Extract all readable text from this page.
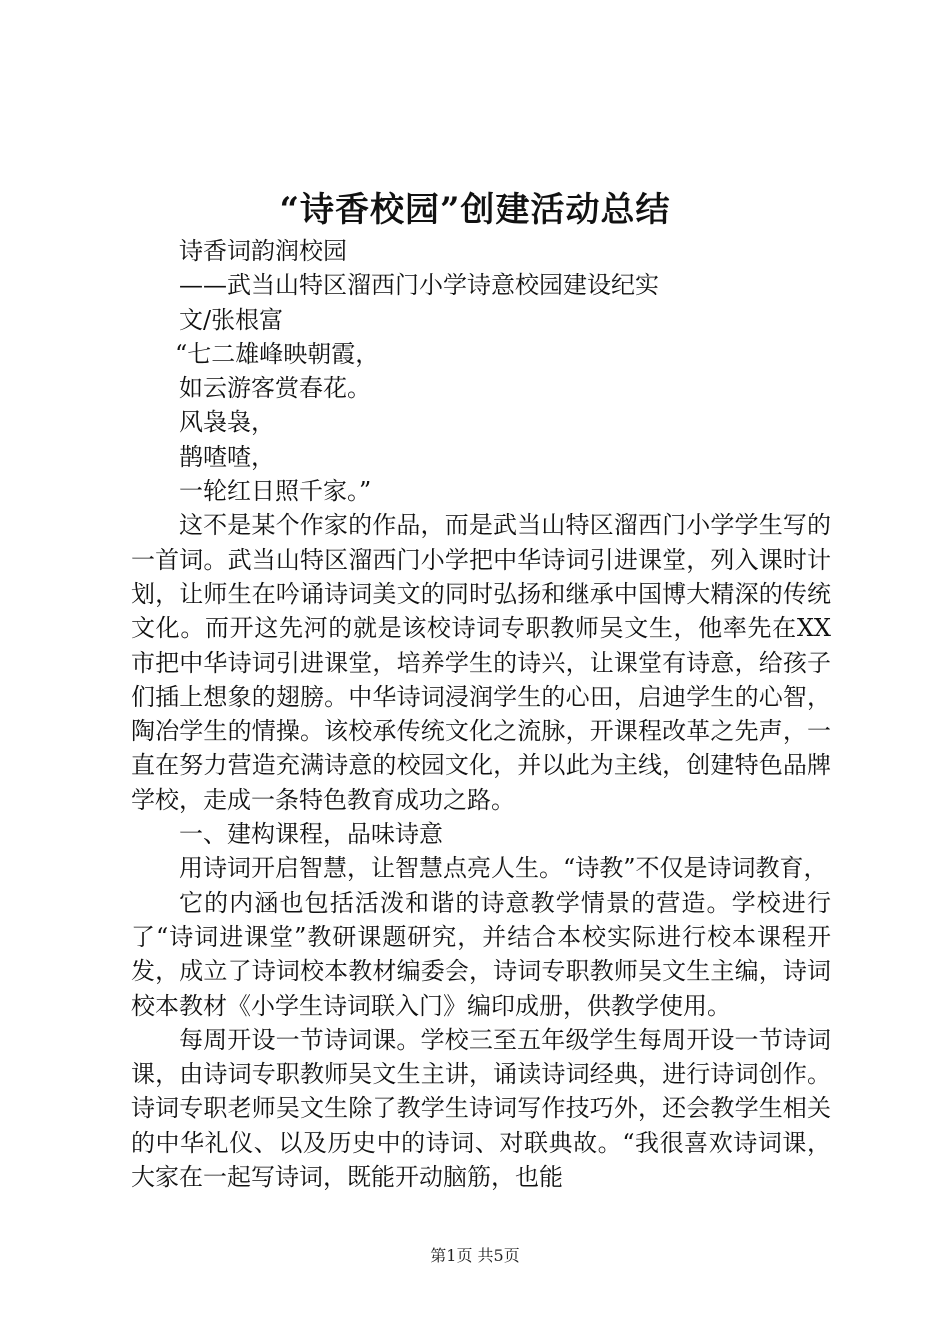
“诗香校园”创建活动总结

诗香词韵润校园

——武当山特区溜西门小学诗意校园建设纪实

文/张根富

“七二雄峰映朝霞，

如云游客赏春花。

风袅袅，

鹊喳喳，

一轮红日照千家。”

这不是某个作家的作品，而是武当山特区溜西门小学学生写的一首词。武当山特区溜西门小学把中华诗词引进课堂，列入课时计划，让师生在吟诵诗词美文的同时弘扬和继承中国博大精深的传统文化。而开这先河的就是该校诗词专职教师吴文生，他率先在XX市把中华诗词引进课堂，培养学生的诗兴，让课堂有诗意，给孩子们插上想象的翅膀。中华诗词浸润学生的心田，启迪学生的心智，陶冶学生的情操。该校承传统文化之流脉，开课程改革之先声，一直在努力营造充满诗意的校园文化，并以此为主线，创建特色品牌学校，走成一条特色教育成功之路。

一、建构课程，品味诗意

用诗词开启智慧，让智慧点亮人生。“诗教”不仅是诗词教育，

它的内涵也包括活泼和谐的诗意教学情景的营造。学校进行了“诗词进课堂”教研课题研究，并结合本校实际进行校本课程开发，成立了诗词校本教材编委会，诗词专职教师吴文生主编，诗词校本教材《小学生诗词联入门》编印成册，供教学使用。

每周开设一节诗词课。学校三至五年级学生每周开设一节诗词课，由诗词专职教师吴文生主讲，诵读诗词经典，进行诗词创作。诗词专职老师吴文生除了教学生诗词写作技巧外，还会教学生相关的中华礼仪、以及历史中的诗词、对联典故。“我很喜欢诗词课，大家在一起写诗词，既能开动脑筋，也能

第1页 共5页
